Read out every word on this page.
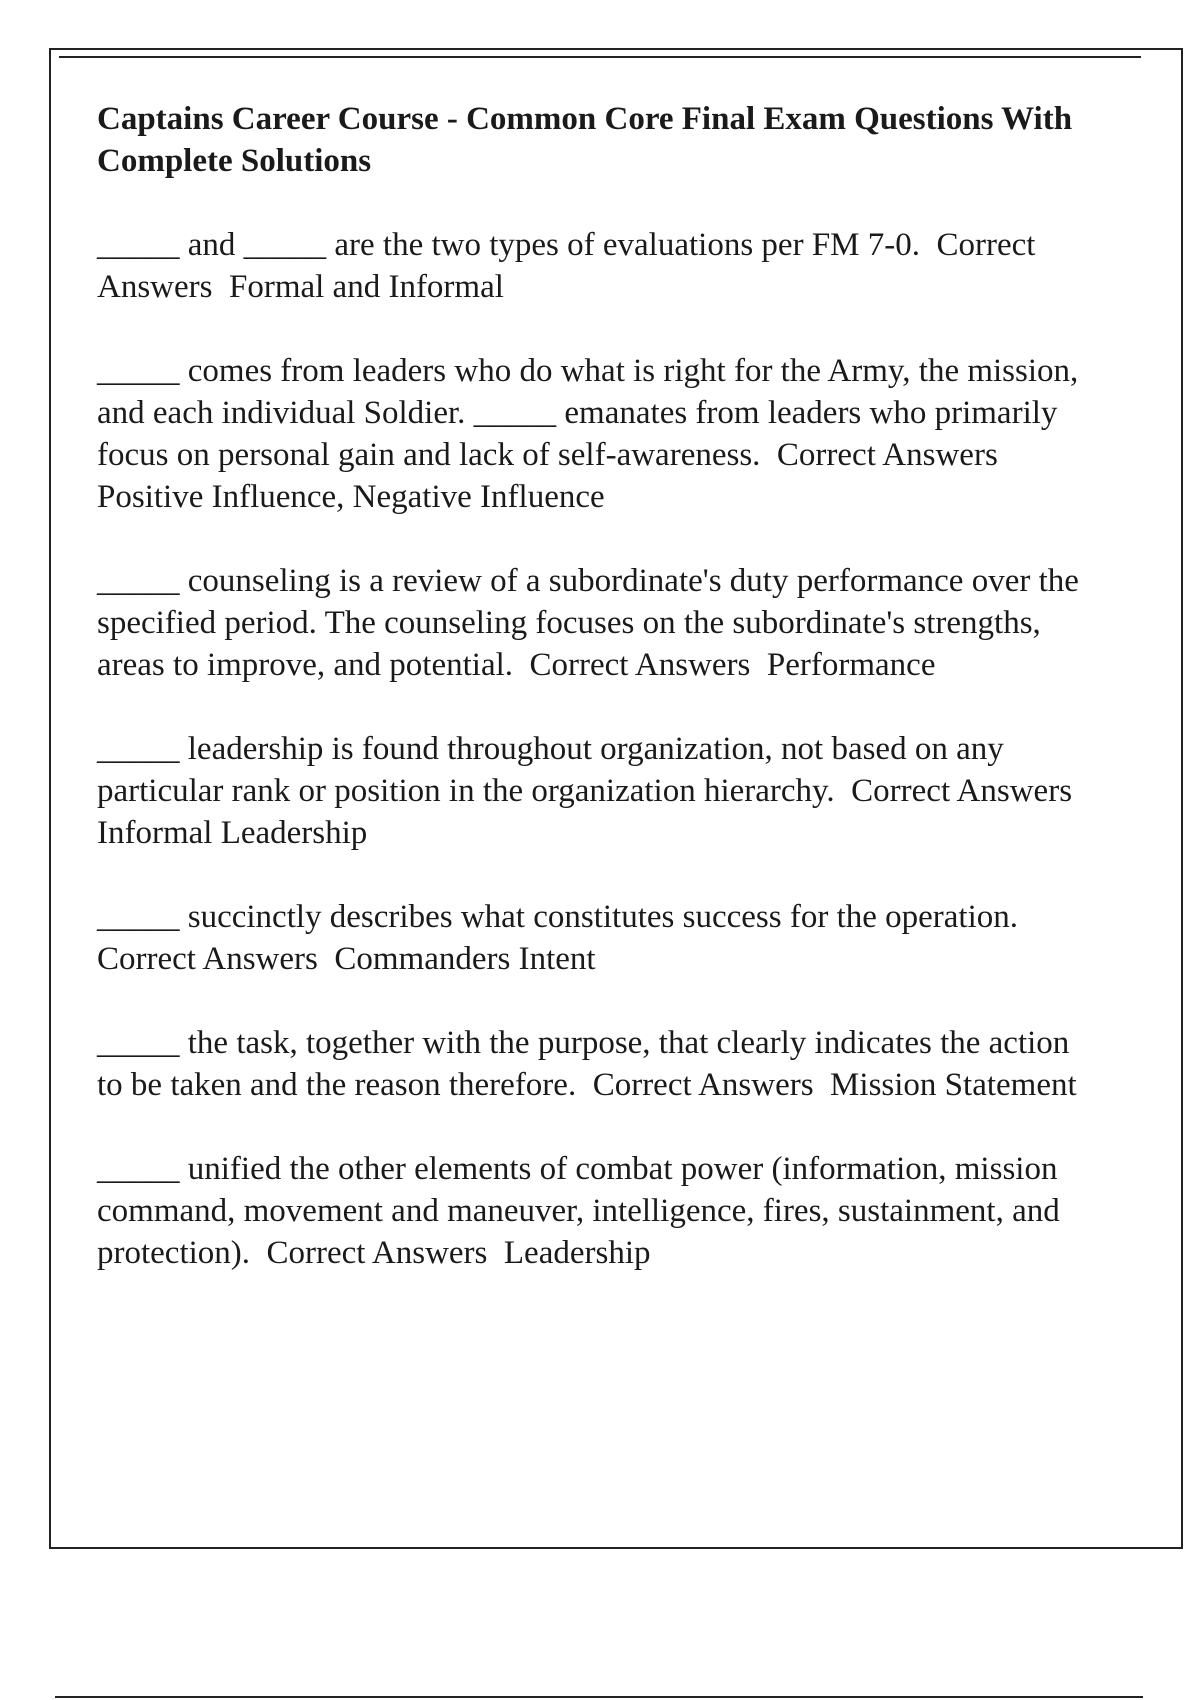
Captains Career Course - Common Core Final Exam Questions With Complete Solutions
_____ and _____ are the two types of evaluations per FM 7-0.  Correct Answers  Formal and Informal
_____ comes from leaders who do what is right for the Army, the mission, and each individual Soldier. _____ emanates from leaders who primarily focus on personal gain and lack of self-awareness.  Correct Answers  Positive Influence, Negative Influence
_____ counseling is a review of a subordinate's duty performance over the specified period. The counseling focuses on the subordinate's strengths, areas to improve, and potential.  Correct Answers  Performance
_____ leadership is found throughout organization, not based on any particular rank or position in the organization hierarchy.  Correct Answers  Informal Leadership
_____ succinctly describes what constitutes success for the operation.  Correct Answers  Commanders Intent
_____ the task, together with the purpose, that clearly indicates the action to be taken and the reason therefore.  Correct Answers  Mission Statement
_____ unified the other elements of combat power (information, mission command, movement and maneuver, intelligence, fires, sustainment, and protection).  Correct Answers  Leadership
